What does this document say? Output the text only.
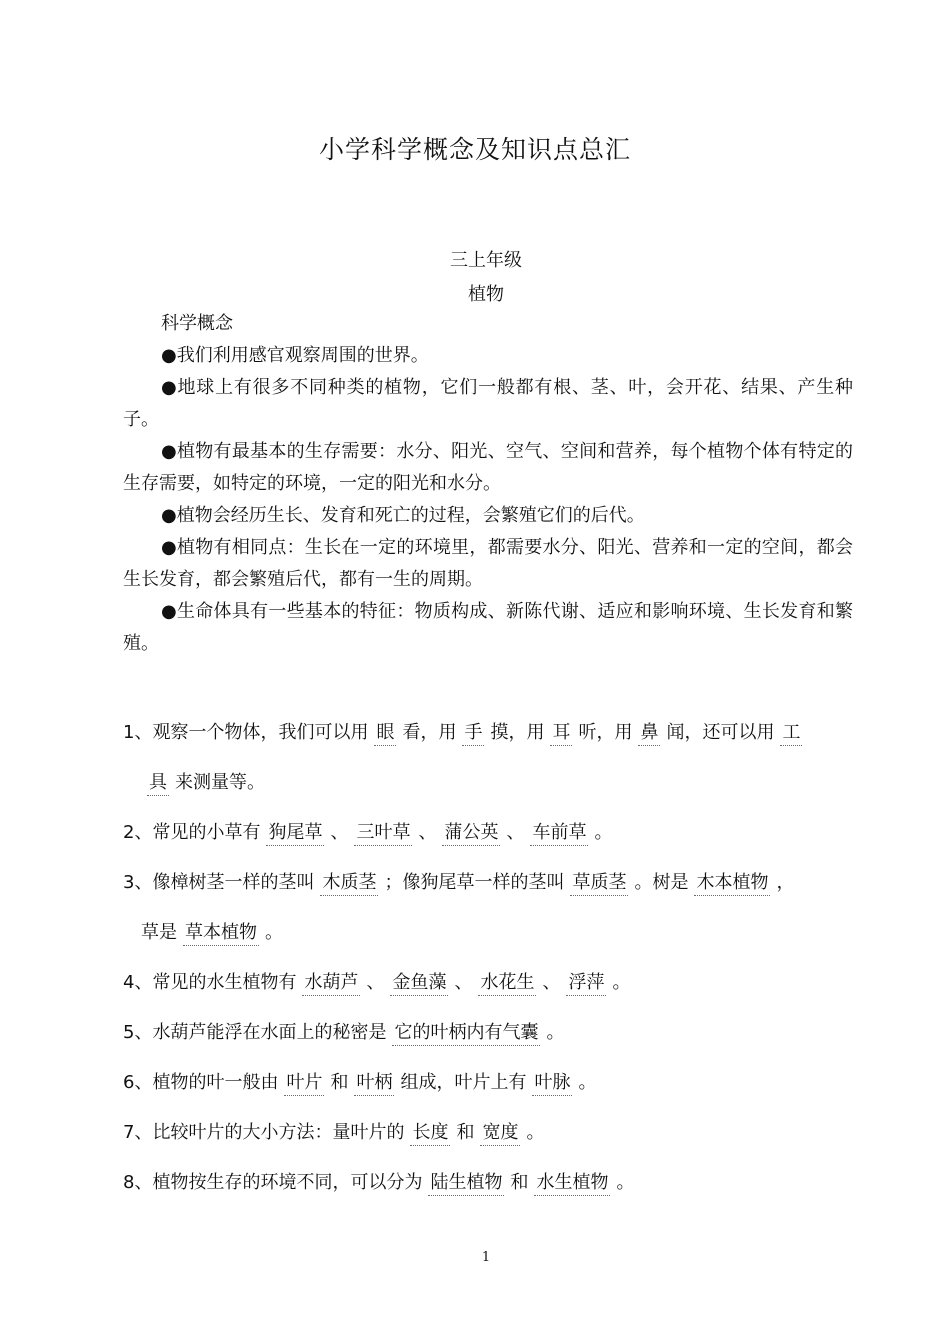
小学科学概念及知识点总汇
三上年级
植物

科学概念

●我们利用感官观察周围的世界。

●地球上有很多不同种类的植物，它们一般都有根、茎、叶，会开花、结果、产生种子。

●植物有最基本的生存需要：水分、阳光、空气、空间和营养，每个植物个体有特定的生存需要，如特定的环境，一定的阳光和水分。

●植物会经历生长、发育和死亡的过程，会繁殖它们的后代。

●植物有相同点：生长在一定的环境里，都需要水分、阳光、营养和一定的空间，都会生长发育，都会繁殖后代，都有一生的周期。

●生命体具有一些基本的特征：物质构成、新陈代谢、适应和影响环境、生长发育和繁殖。

1、观察一个物体，我们可以用 眼 看，用 手 摸，用 耳 听，用 鼻 闻，还可以用 工
具 来测量等。
2、常见的小草有 狗尾草 、 三叶草 、 蒲公英 、 车前草 。
3、像樟树茎一样的茎叫 木质茎 ；像狗尾草一样的茎叫 草质茎 。树是 木本植物 ，
草是 草本植物 。
4、常见的水生植物有 水葫芦 、 金鱼藻 、 水花生 、 浮萍 。
5、水葫芦能浮在水面上的秘密是 它的叶柄内有气囊 。
6、植物的叶一般由 叶片 和 叶柄 组成，叶片上有 叶脉 。
7、比较叶片的大小方法：量叶片的 长度 和 宽度 。
8、植物按生存的环境不同，可以分为 陆生植物 和 水生植物 。
1
